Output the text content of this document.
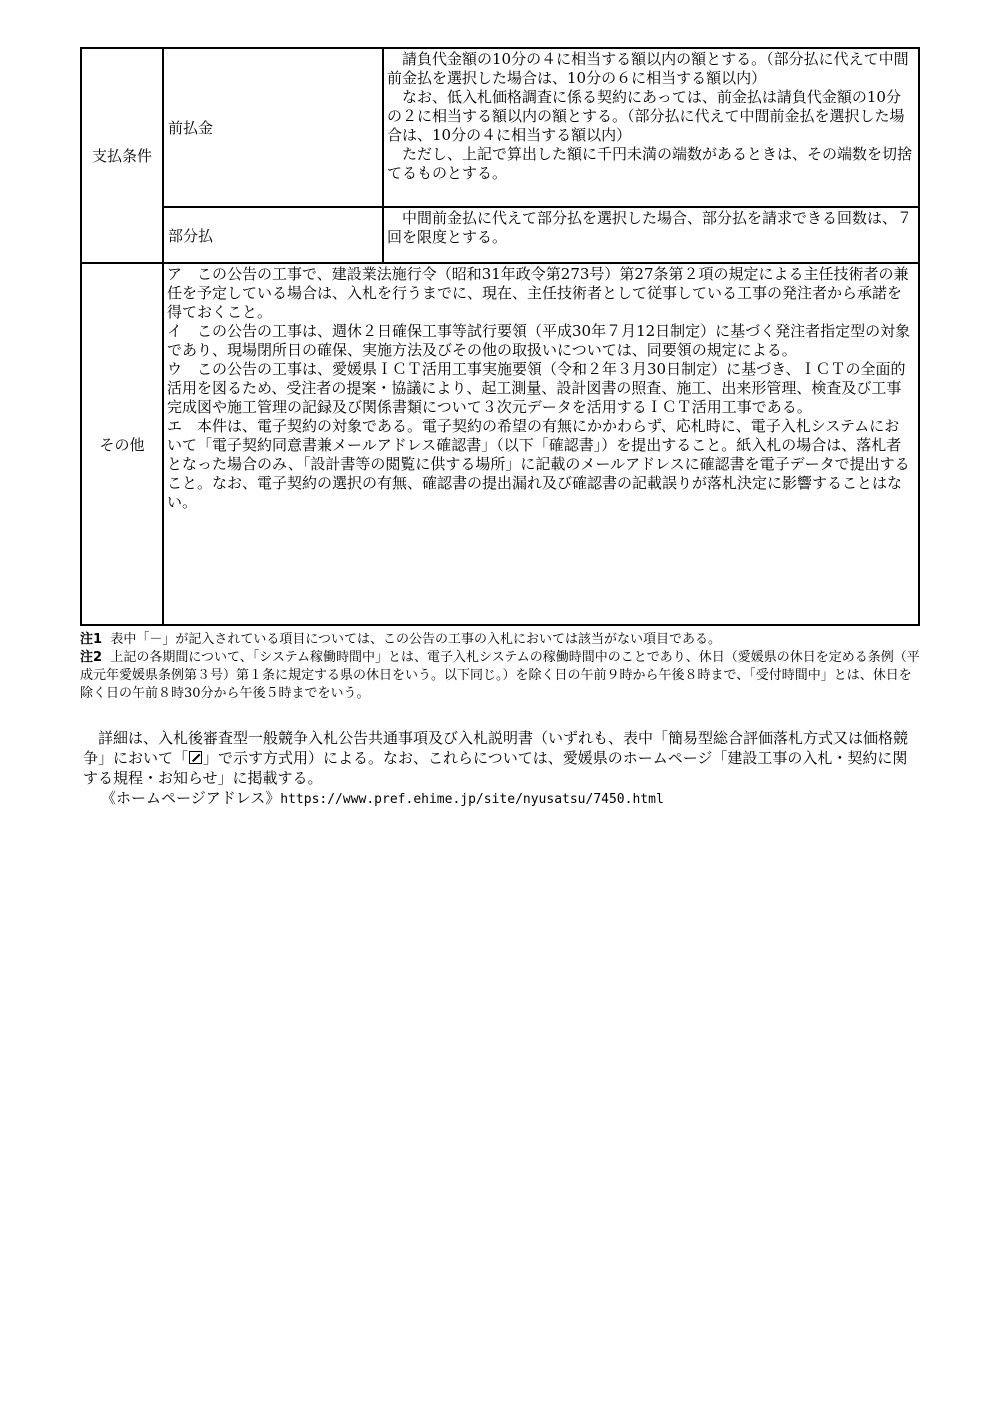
支払条件	前払金	請負代金額の10分の４に相当する額以内の額とする。（部分払に代えて中間前金払を選択した場合は、10分の６に相当する額以内）

なお、低入札価格調査に係る契約にあっては、前金払は請負代金額の10分の２に相当する額以内の額とする。（部分払に代えて中間前金払を選択した場合は、10分の４に相当する額以内）

ただし、上記で算出した額に千円未満の端数があるときは、その端数を切捨てるものとする。

	部分払	中間前金払に代えて部分払を選択した場合、部分払を請求できる回数は、７回を限度とする。

その他	ア　この公告の工事で、建設業法施行令（昭和31年政令第273号）第27条第２項の規定による主任技術者の兼任を予定している場合は、入札を行うまでに、現在、主任技術者として従事している工事の発注者から承諾を得ておくこと。

イ　この公告の工事は、週休２日確保工事等試行要領（平成30年７月12日制定）に基づく発注者指定型の対象であり、現場閉所日の確保、実施方法及びその他の取扱いについては、同要領の規定による。

ウ　この公告の工事は、愛媛県ＩＣＴ活用工事実施要領（令和２年３月30日制定）に基づき、ＩＣＴの全面的活用を図るため、受注者の提案・協議により、起工測量、設計図書の照査、施工、出来形管理、検査及び工事完成図や施工管理の記録及び関係書類について３次元データを活用するＩＣＴ活用工事である。

エ　本件は、電子契約の対象である。電子契約の希望の有無にかかわらず、応札時に、電子入札システムにおいて「電子契約同意書兼メールアドレス確認書」（以下「確認書」）を提出すること。紙入札の場合は、落札者となった場合のみ、「設計書等の閲覧に供する場所」に記載のメールアドレスに確認書を電子データで提出すること。なお、電子契約の選択の有無、確認書の提出漏れ及び確認書の記載誤りが落札決定に影響することはない。	

注1 表中「－」が記入されている項目については、この公告の工事の入札においては該当がない項目である。

注2 上記の各期間について、「システム稼働時間中」とは、電子入札システムの稼働時間中のことであり、休日（愛媛県の休日を定める条例（平成元年愛媛県条例第３号）第１条に規定する県の休日をいう。以下同じ。）を除く日の午前９時から午後８時まで、「受付時間中」とは、休日を除く日の午前８時30分から午後５時までをいう。

詳細は、入札後審査型一般競争入札公告共通事項及び入札説明書（いずれも、表中「簡易型総合評価落札方式又は価格競争」において「 」で示す方式用）による。なお、これらについては、愛媛県のホームページ「建設工事の入札・契約に関する規程・お知らせ」に掲載する。

《ホームページアドレス》https://www.pref.ehime.jp/site/nyusatsu/7450.html
